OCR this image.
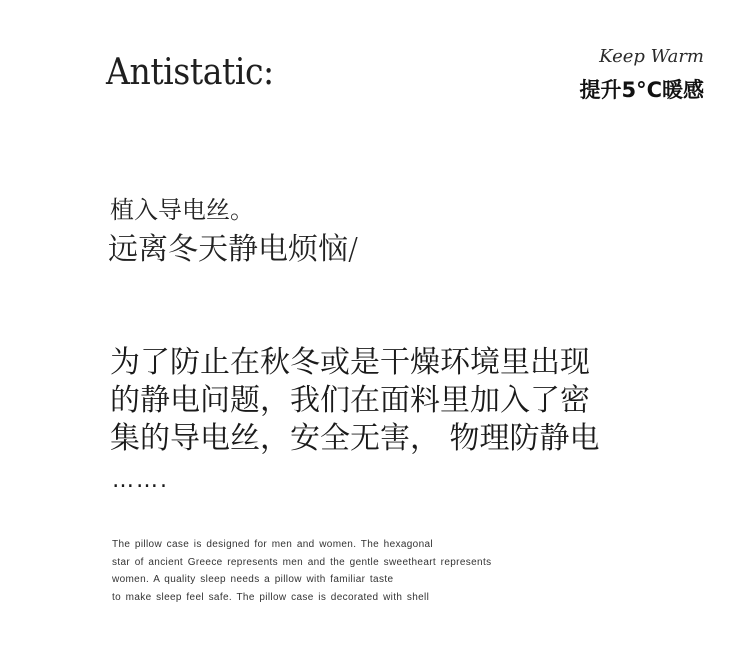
Antistatic:	Keep Warm
提升5°C暖感
植入导电丝。
远离冬天静电烦恼/
为了防止在秋冬或是干燥环境里出现
的静电问题，我们在面料里加入了密
集的导电丝，安全无害， 物理防静电
…….
The pillow case is designed for men and women. The hexagonal
star of ancient Greece represents men and the gentle sweetheart represents
women. A quality sleep needs a pillow with familiar taste
to make sleep feel safe. The pillow case is decorated with shell
